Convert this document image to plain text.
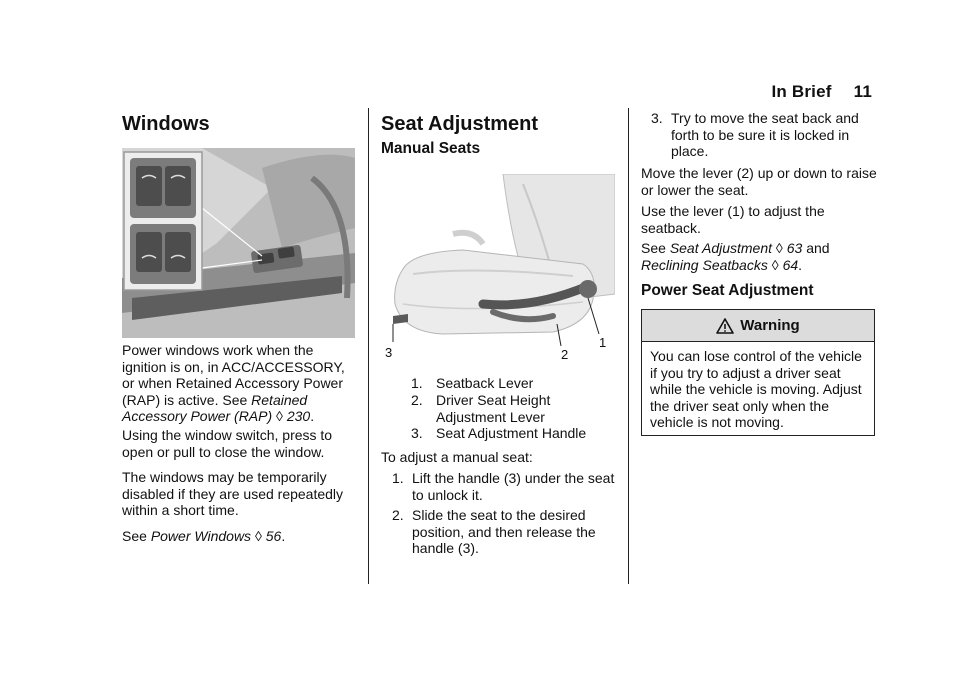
In Brief 11
Windows

Power windows work when the ignition is on, in ACC/ACCESSORY, or when Retained Accessory Power (RAP) is active. See Retained Accessory Power (RAP) ◊ 230.

Using the window switch, press to open or pull to close the window.

The windows may be temporarily disabled if they are used repeatedly within a short time.

See Power Windows ◊ 56.

Seat Adjustment
Manual Seats
3	2
1
1. Seatback Lever
2. Driver Seat Height Adjustment Lever
3. Seat Adjustment Handle

To adjust a manual seat:

1. Lift the handle (3) under the seat to unlock it.
2. Slide the seat to the desired position, and then release the handle (3).
3. Try to move the seat back and forth to be sure it is locked in place.

Move the lever (2) up or down to raise or lower the seat.

Use the lever (1) to adjust the seatback.

See Seat Adjustment ◊ 63 and
Reclining Seatbacks ◊ 64.

Power Seat Adjustment
Warning
You can lose control of the vehicle if you try to adjust a driver seat while the vehicle is moving. Adjust the driver seat only when the vehicle is not moving.
